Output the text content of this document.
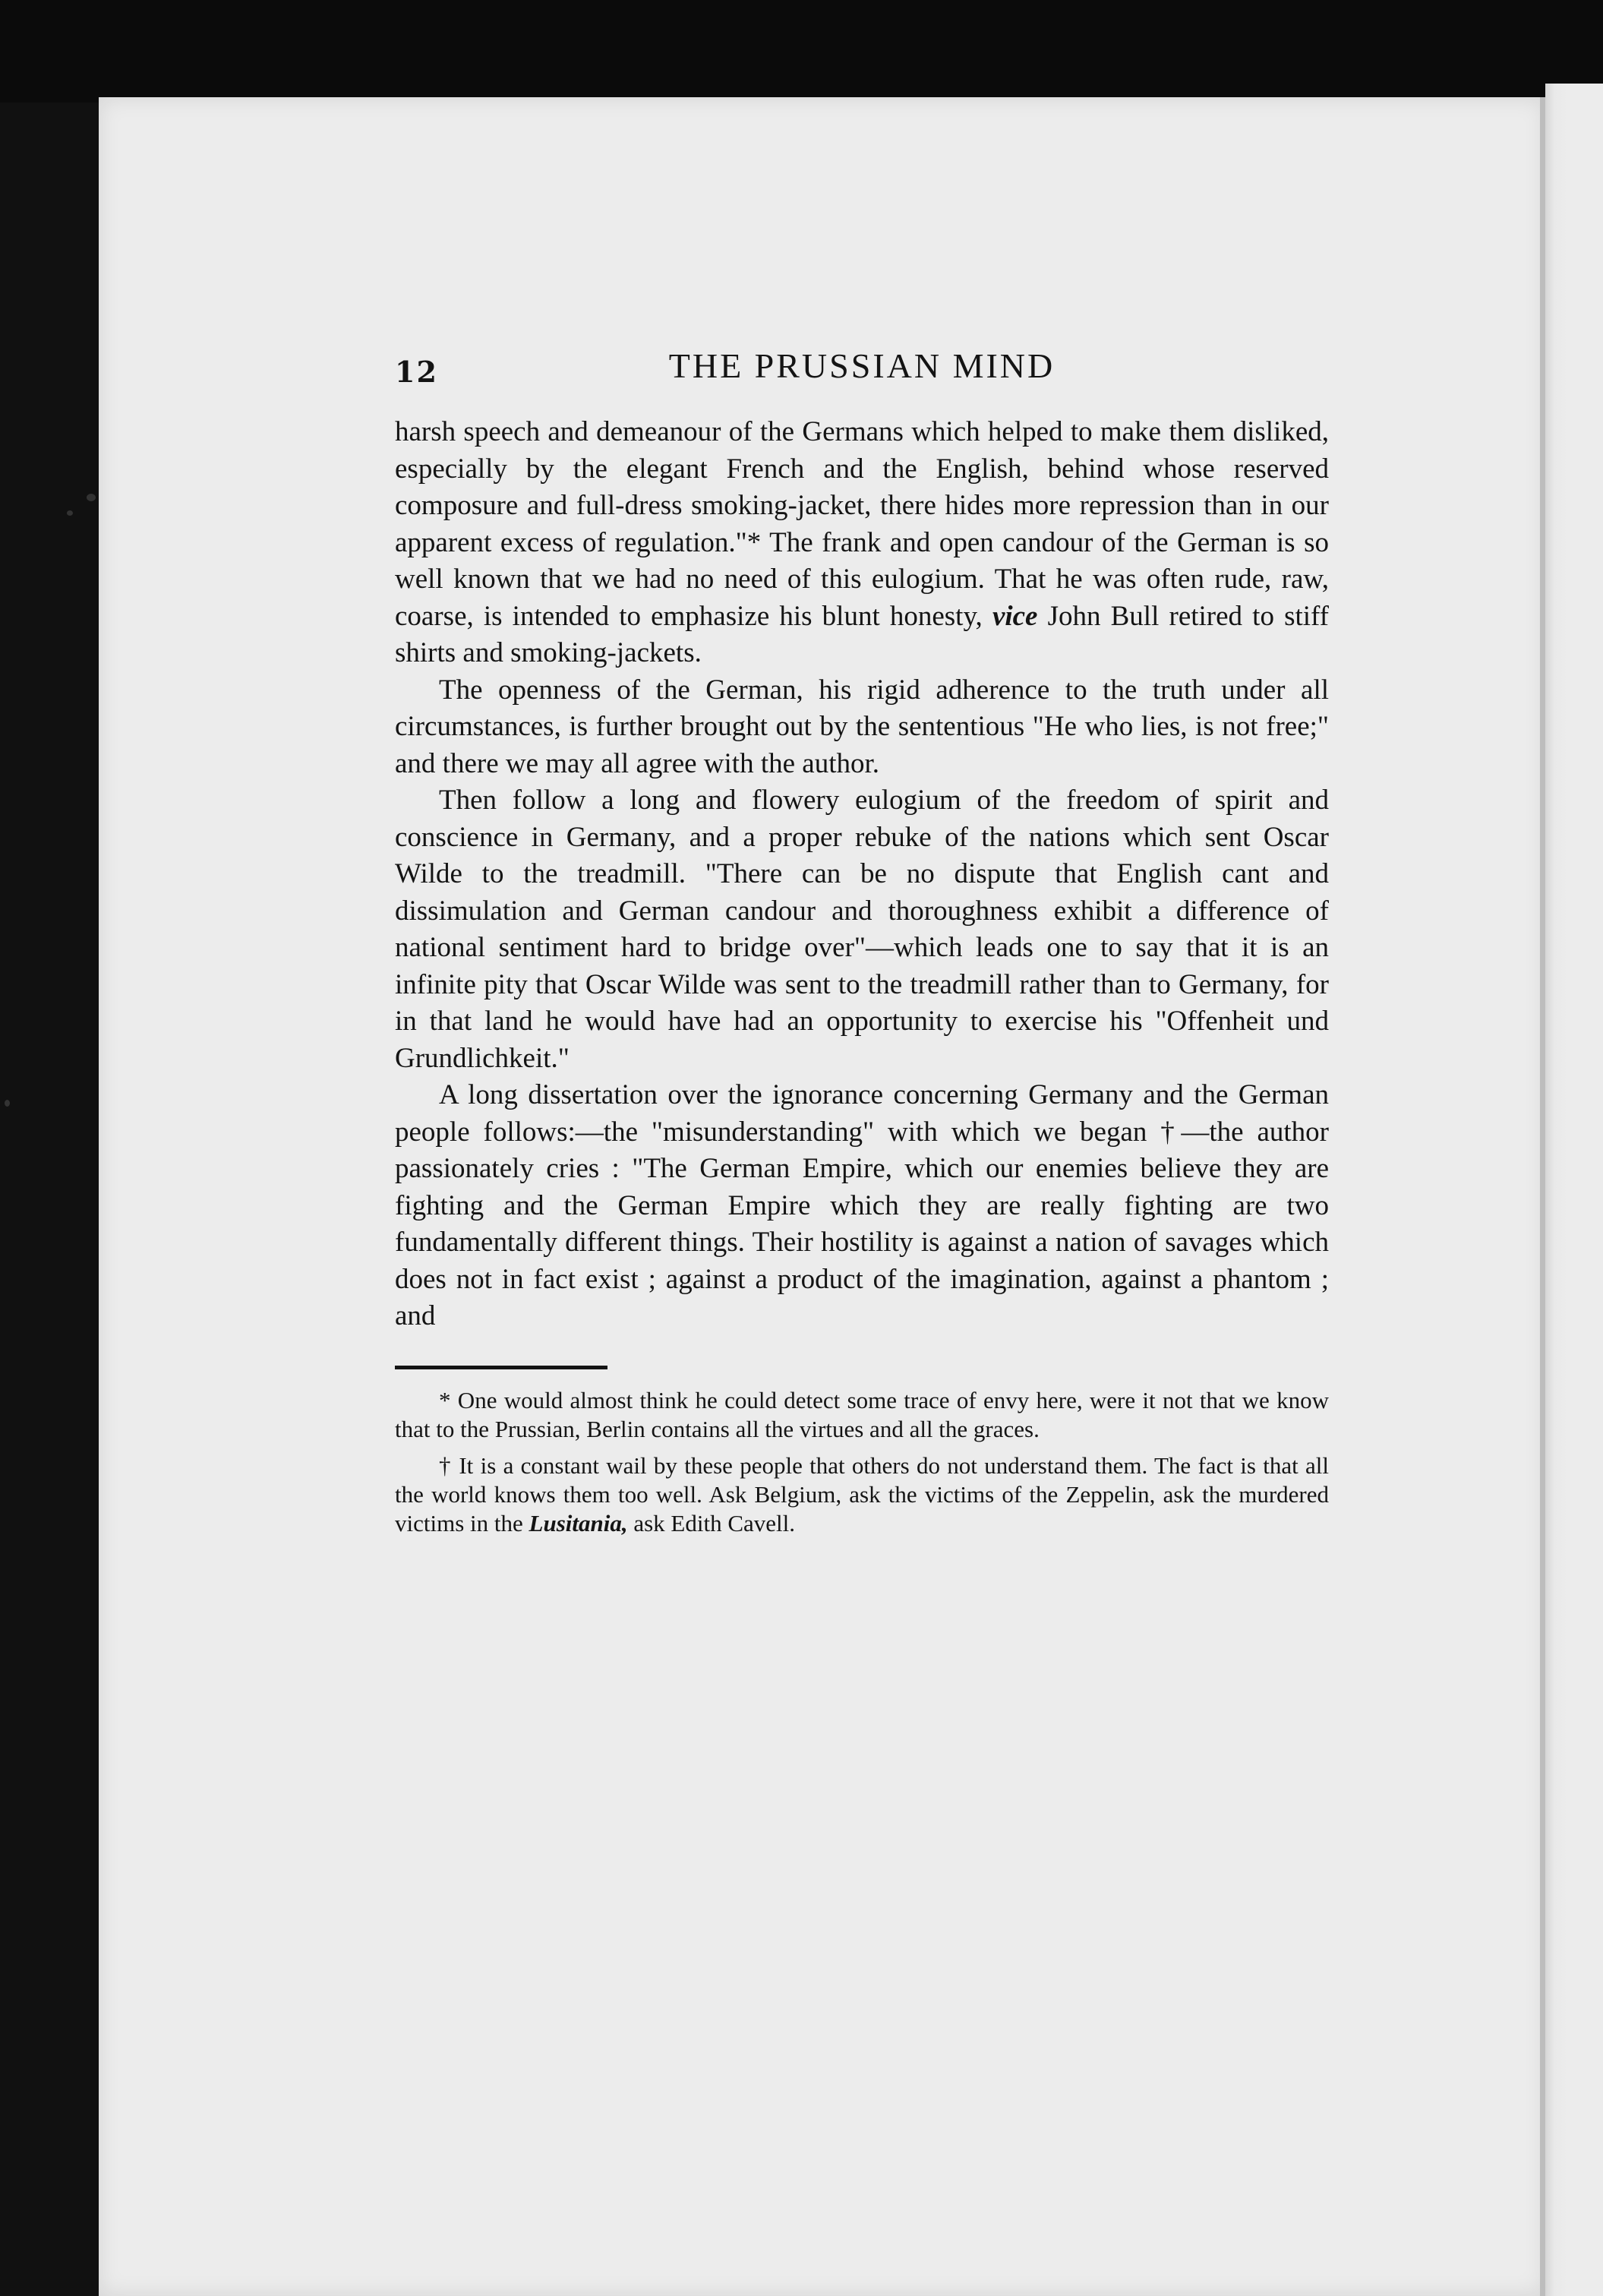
12	THE PRUSSIAN MIND

harsh speech and demeanour of the Germans which helped to make them disliked, especially by the elegant French and the English, behind whose reserved composure and full-dress smoking-jacket, there hides more repression than in our apparent excess of regulation."* The frank and open candour of the German is so well known that we had no need of this eulogium. That he was often rude, raw, coarse, is intended to emphasize his blunt honesty, vice John Bull retired to stiff shirts and smoking-jackets.

The openness of the German, his rigid adherence to the truth under all circumstances, is further brought out by the sententious "He who lies, is not free;" and there we may all agree with the author.

Then follow a long and flowery eulogium of the freedom of spirit and conscience in Germany, and a proper rebuke of the nations which sent Oscar Wilde to the treadmill. "There can be no dispute that English cant and dissimulation and German candour and thoroughness exhibit a difference of national sentiment hard to bridge over"—which leads one to say that it is an infinite pity that Oscar Wilde was sent to the treadmill rather than to Germany, for in that land he would have had an opportunity to exercise his "Offenheit und Grundlichkeit."

A long dissertation over the ignorance concerning Germany and the German people follows:—the "misunderstanding" with which we began †—the author passionately cries : "The German Empire, which our enemies believe they are fighting and the German Empire which they are really fighting are two fundamentally different things. Their hostility is against a nation of savages which does not in fact exist ; against a product of the imagination, against a phantom ; and

* One would almost think he could detect some trace of envy here, were it not that we know that to the Prussian, Berlin contains all the virtues and all the graces.

† It is a constant wail by these people that others do not understand them. The fact is that all the world knows them too well. Ask Belgium, ask the victims of the Zeppelin, ask the murdered victims in the Lusitania, ask Edith Cavell.
